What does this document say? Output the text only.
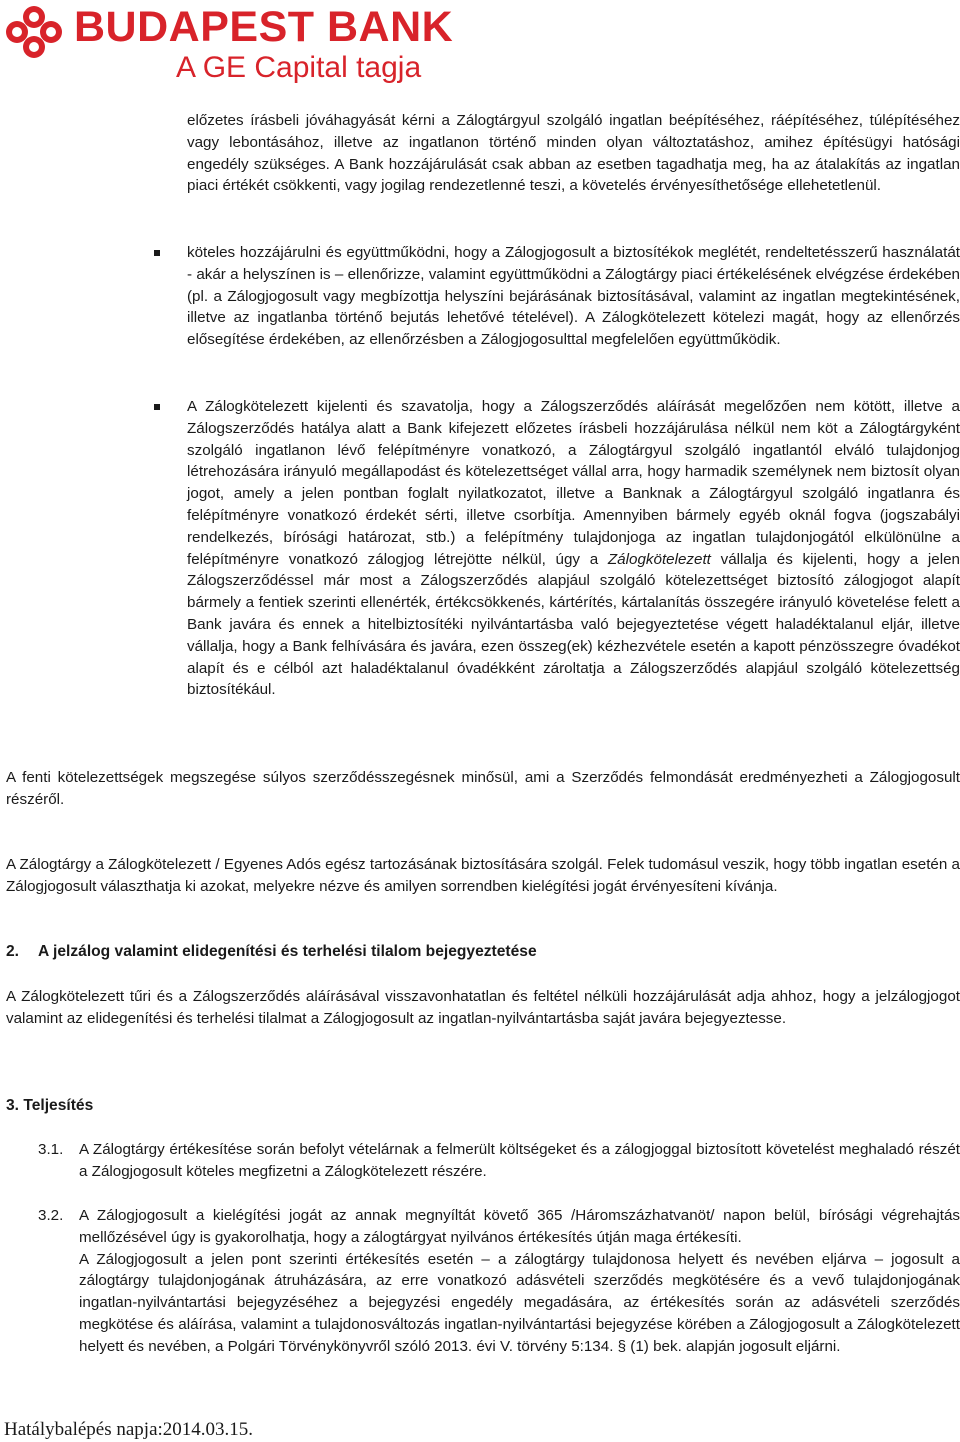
BUDAPEST BANK
A GE Capital tagja
előzetes írásbeli jóváhagyását kérni a Zálogtárgyul szolgáló ingatlan beépítéséhez, ráépítéséhez, túlépítéséhez vagy lebontásához, illetve az ingatlanon történő minden olyan változtatáshoz, amihez építésügyi hatósági engedély szükséges. A Bank hozzájárulását csak abban az esetben tagadhatja meg, ha az átalakítás az ingatlan piaci értékét csökkenti, vagy jogilag rendezetlenné teszi, a követelés érvényesíthetősége ellehetetlenül.
köteles hozzájárulni és együttműködni, hogy a Zálogjogosult a biztosítékok meglétét, rendeltetésszerű használatát - akár a helyszínen is – ellenőrizze, valamint együttműködni a Zálogtárgy piaci értékelésének elvégzése érdekében (pl. a Zálogjogosult vagy megbízottja helyszíni bejárásának biztosításával, valamint az ingatlan megtekintésének, illetve az ingatlanba történő bejutás lehetővé tételével). A Zálogkötelezett kötelezi magát, hogy az ellenőrzés elősegítése érdekében, az ellenőrzésben a Zálogjogosulttal megfelelően együttműködik.
A Zálogkötelezett kijelenti és szavatolja, hogy a Zálogszerződés aláírását megelőzően nem kötött, illetve a Zálogszerződés hatálya alatt a Bank kifejezett előzetes írásbeli hozzájárulása nélkül nem köt a Zálogtárgyként szolgáló ingatlanon lévő felépítményre vonatkozó, a Zálogtárgyul szolgáló ingatlantól elváló tulajdonjog létrehozására irányuló megállapodást és kötelezettséget vállal arra, hogy harmadik személynek nem biztosít olyan jogot, amely a jelen pontban foglalt nyilatkozatot, illetve a Banknak a Zálogtárgyul szolgáló ingatlanra és felépítményre vonatkozó érdekét sérti, illetve csorbítja. Amennyiben bármely egyéb oknál fogva (jogszabályi rendelkezés, bírósági határozat, stb.) a felépítmény tulajdonjoga az ingatlan tulajdonjogától elkülönülne a felépítményre vonatkozó zálogjog létrejötte nélkül, úgy a Zálogkötelezett vállalja és kijelenti, hogy a jelen Zálogszerződéssel már most a Zálogszerződés alapjául szolgáló kötelezettséget biztosító zálogjogot alapít bármely a fentiek szerinti ellenérték, értékcsökkenés, kártérítés, kártalanítás összegére irányuló követelése felett a Bank javára és ennek a hitelbiztosítéki nyilvántartásba való bejegyeztetése végett haladéktalanul eljár, illetve vállalja, hogy a Bank felhívására és javára, ezen összeg(ek) kézhezvétele esetén a kapott pénzösszegre óvadékot alapít és e célból azt haladéktalanul óvadékként zároltatja a Zálogszerződés alapjául szolgáló kötelezettség biztosítékául.
A fenti kötelezettségek megszegése súlyos szerződésszegésnek minősül, ami a Szerződés felmondását eredményezheti a Zálogjogosult részéről.
A Zálogtárgy a Zálogkötelezett / Egyenes Adós egész tartozásának biztosítására szolgál. Felek tudomásul veszik, hogy több ingatlan esetén a Zálogjogosult választhatja ki azokat, melyekre nézve és amilyen sorrendben kielégítési jogát érvényesíteni kívánja.
2. A jelzálog valamint elidegenítési és terhelési tilalom bejegyeztetése
A Zálogkötelezett tűri és a Zálogszerződés aláírásával visszavonhatatlan és feltétel nélküli hozzájárulását adja ahhoz, hogy a jelzálogjogot valamint az elidegenítési és terhelési tilalmat a Zálogjogosult az ingatlan-nyilvántartásba saját javára bejegyeztesse.
3. Teljesítés
3.1. A Zálogtárgy értékesítése során befolyt vételárnak a felmerült költségeket és a zálogjoggal biztosított követelést meghaladó részét a Zálogjogosult köteles megfizetni a Zálogkötelezett részére.
3.2. A Zálogjogosult a kielégítési jogát az annak megnyíltát követő 365 /Háromszázhatvanöt/ napon belül, bírósági végrehajtás mellőzésével úgy is gyakorolhatja, hogy a zálogtárgyat nyilvános értékesítés útján maga értékesíti.
A Zálogjogosult a jelen pont szerinti értékesítés esetén – a zálogtárgy tulajdonosa helyett és nevében eljárva – jogosult a zálogtárgy tulajdonjogának átruházására, az erre vonatkozó adásvételi szerződés megkötésére és a vevő tulajdonjogának ingatlan-nyilvántartási bejegyzéséhez a bejegyzési engedély megadására, az értékesítés során az adásvételi szerződés megkötése és aláírása, valamint a tulajdonosváltozás ingatlan-nyilvántartási bejegyzése körében a Zálogjogosult a Zálogkötelezett helyett és nevében, a Polgári Törvénykönyvről szóló 2013. évi V. törvény 5:134. § (1) bek. alapján jogosult eljárni.
Hatálybalépés napja:2014.03.15.
